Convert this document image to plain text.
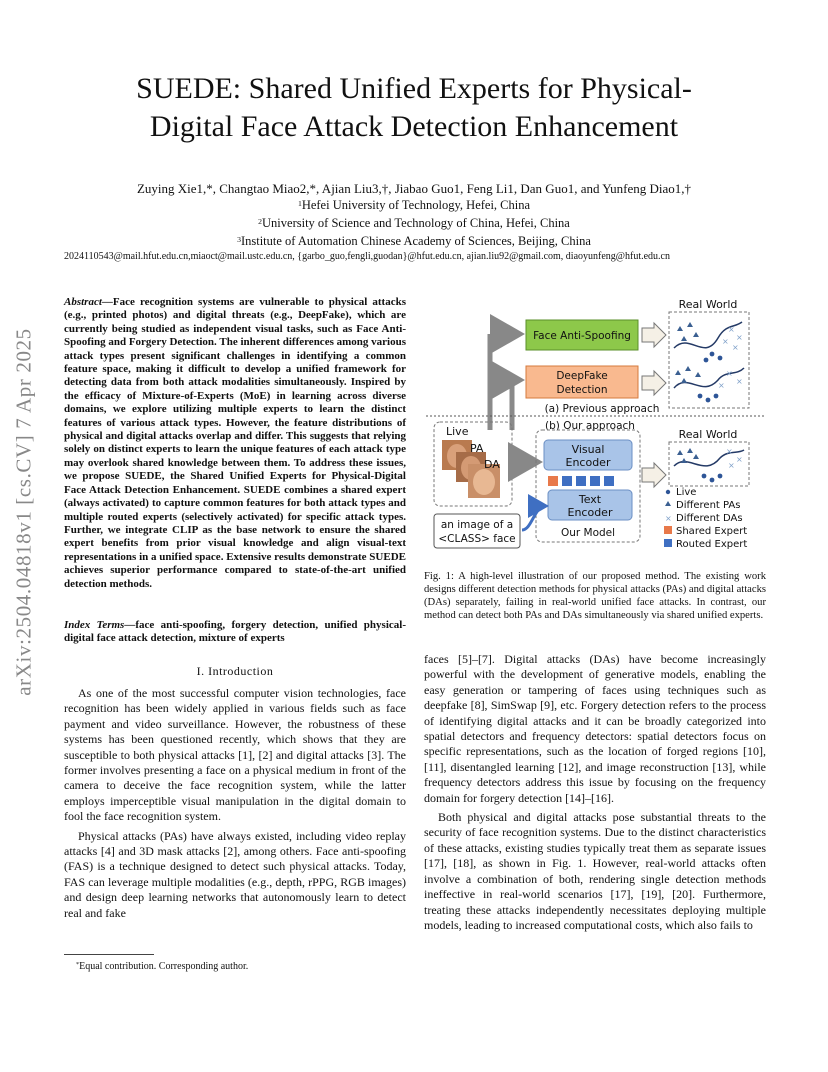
arXiv:2504.04818v1 [cs.CV] 7 Apr 2025
SUEDE: Shared Unified Experts for Physical-
Digital Face Attack Detection Enhancement
Zuying Xie1,*, Changtao Miao2,*, Ajian Liu3,†, Jiabao Guo1, Feng Li1, Dan Guo1, and Yunfeng Diao1,†
$^1$Hefei University of Technology, Hefei, China
$^2$University of Science and Technology of China, Hefei, China
$^3$Institute of Automation Chinese Academy of Sciences, Beijing, China
2024110543@mail.hfut.edu.cn,miaoct@mail.ustc.edu.cn, {garbo_guo,fengli,guodan}@hfut.edu.cn, ajian.liu92@gmail.com, diaoyunfeng@hfut.edu.cn
Abstract—Face recognition systems are vulnerable to physical attacks (e.g., printed photos) and digital threats (e.g., DeepFake), which are currently being studied as independent visual tasks, such as Face Anti-Spoofing and Forgery Detection. The inherent differences among various attack types present significant challenges in identifying a common feature space, making it difficult to develop a unified framework for detecting data from both attack modalities simultaneously. Inspired by the efficacy of Mixture-of-Experts (MoE) in learning across diverse domains, we explore utilizing multiple experts to learn the distinct features of various attack types. However, the feature distributions of physical and digital attacks overlap and differ. This suggests that relying solely on distinct experts to learn the unique features of each attack type may overlook shared knowledge between them. To address these issues, we propose SUEDE, the Shared Unified Experts for Physical-Digital Face Attack Detection Enhancement. SUEDE combines a shared expert (always activated) to capture common features for both attack types and multiple routed experts (selectively activated) for specific attack types. Further, we integrate CLIP as the base network to ensure the shared expert benefits from prior visual knowledge and align visual-text representations in a unified space. Extensive results demonstrate SUEDE achieves superior performance compared to state-of-the-art unified detection methods.
Index Terms—face anti-spoofing, forgery detection, unified physical-digital face attack detection, mixture of experts
I. Introduction
As one of the most successful computer vision technologies, face recognition has been widely applied in various fields such as face payment and video surveillance. However, the robustness of these systems has been questioned recently, which shows that they are susceptible to both physical attacks [1], [2] and digital attacks [3]. The former involves presenting a face on a physical medium in front of the camera to deceive the face recognition system, while the latter employs imperceptible visual manipulation in the digital domain to fool the face recognition system.
Physical attacks (PAs) have always existed, including video replay attacks [4] and 3D mask attacks [2], among others. Face anti-spoofing (FAS) is a technique designed to detect such physical attacks. Today, FAS can leverage multiple modalities (e.g., depth, rPPG, RGB images) and design deep learning networks that autonomously learn to detect real and fake
*Equal contribution. Corresponding author.
Face Anti-Spoofing
DeepFake
Detection
Real World
×
×
×
×
×
×
×
(a) Previous approach
(b) Our approach
Live
PA
DA
Visual
Encoder
Text
Encoder
Our Model
an image of a
<CLASS> face
Real World
×
×
×
Live
Different PAs
× Different DAs
Shared Expert
Routed Expert
Fig. 1: A high-level illustration of our proposed method. The existing work designs different detection methods for physical attacks (PAs) and digital attacks (DAs) separately, failing in real-world unified face attacks. In contrast, our method can detect both PAs and DAs simultaneously via shared unified experts.
faces [5]–[7]. Digital attacks (DAs) have become increasingly powerful with the development of generative models, enabling the easy generation or tampering of faces using techniques such as deepfake [8], SimSwap [9], etc. Forgery detection refers to the process of identifying digital attacks and it can be broadly categorized into spatial detectors and frequency detectors: spatial detectors focus on specific representations, such as the location of forged regions [10], [11], disentangled learning [12], and image reconstruction [13], while frequency detectors address this issue by focusing on the frequency domain for forgery detection [14]–[16].
Both physical and digital attacks pose substantial threats to the security of face recognition systems. Due to the distinct characteristics of these attacks, existing studies typically treat them as separate issues [17], [18], as shown in Fig. 1. However, real-world attacks often involve a combination of both, rendering single detection methods ineffective in real-world scenarios [17], [19], [20]. Furthermore, treating these attacks independently necessitates deploying multiple models, leading to increased computational costs, which also fails to
